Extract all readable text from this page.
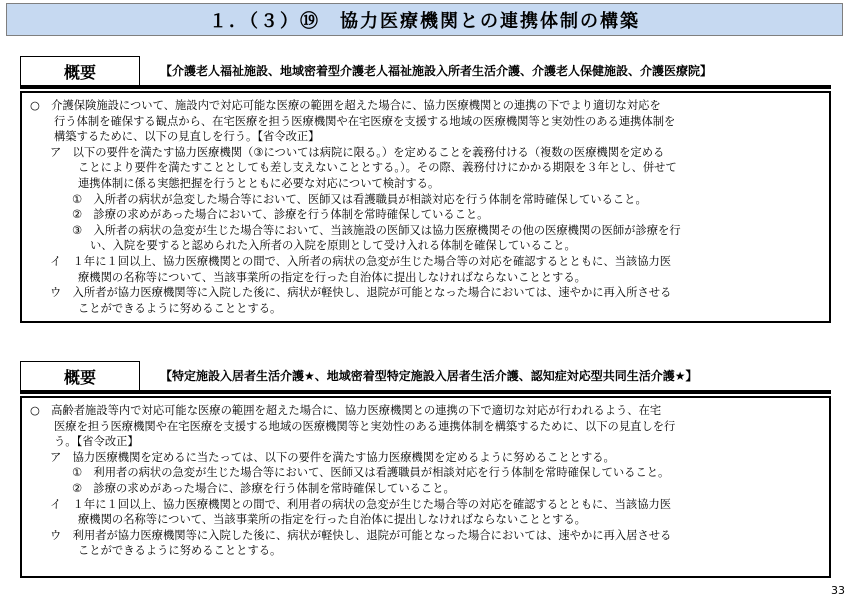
１．（３）⑲　協力医療機関との連携体制の構築
概要	【介護老人福祉施設、地域密着型介護老人福祉施設入所者生活介護、介護老人保健施設、介護医療院】
○　介護保険施設について、施設内で対応可能な医療の範囲を超えた場合に、協力医療機関との連携の下でより適切な対応を
行う体制を確保する観点から、在宅医療を担う医療機関や在宅医療を支援する地域の医療機関等と実効性のある連携体制を
構築するために、以下の見直しを行う。【省令改正】
ア　以下の要件を満たす協力医療機関（③については病院に限る。）を定めることを義務付ける（複数の医療機関を定める
ことにより要件を満たすこととしても差し支えないこととする。）。その際、義務付けにかかる期限を３年とし、併せて
連携体制に係る実態把握を行うとともに必要な対応について検討する。
①　入所者の病状が急変した場合等において、医師又は看護職員が相談対応を行う体制を常時確保していること。
②　診療の求めがあった場合において、診療を行う体制を常時確保していること。
③　入所者の病状の急変が生じた場合等において、当該施設の医師又は協力医療機関その他の医療機関の医師が診療を行
い、入院を要すると認められた入所者の入院を原則として受け入れる体制を確保していること。
イ　１年に１回以上、協力医療機関との間で、入所者の病状の急変が生じた場合等の対応を確認するとともに、当該協力医
療機関の名称等について、当該事業所の指定を行った自治体に提出しなければならないこととする。
ウ　入所者が協力医療機関等に入院した後に、病状が軽快し、退院が可能となった場合においては、速やかに再入所させる
ことができるように努めることとする。
概要	【特定施設入居者生活介護★、地域密着型特定施設入居者生活介護、認知症対応型共同生活介護★】
○　高齢者施設等内で対応可能な医療の範囲を超えた場合に、協力医療機関との連携の下で適切な対応が行われるよう、在宅
医療を担う医療機関や在宅医療を支援する地域の医療機関等と実効性のある連携体制を構築するために、以下の見直しを行
う。【省令改正】
ア　協力医療機関を定めるに当たっては、以下の要件を満たす協力医療機関を定めるように努めることとする。
①　利用者の病状の急変が生じた場合等において、医師又は看護職員が相談対応を行う体制を常時確保していること。
②　診療の求めがあった場合に、診療を行う体制を常時確保していること。
イ　１年に１回以上、協力医療機関との間で、利用者の病状の急変が生じた場合等の対応を確認するとともに、当該協力医
療機関の名称等について、当該事業所の指定を行った自治体に提出しなければならないこととする。
ウ　利用者が協力医療機関等に入院した後に、病状が軽快し、退院が可能となった場合においては、速やかに再入居させる
ことができるように努めることとする。
33
